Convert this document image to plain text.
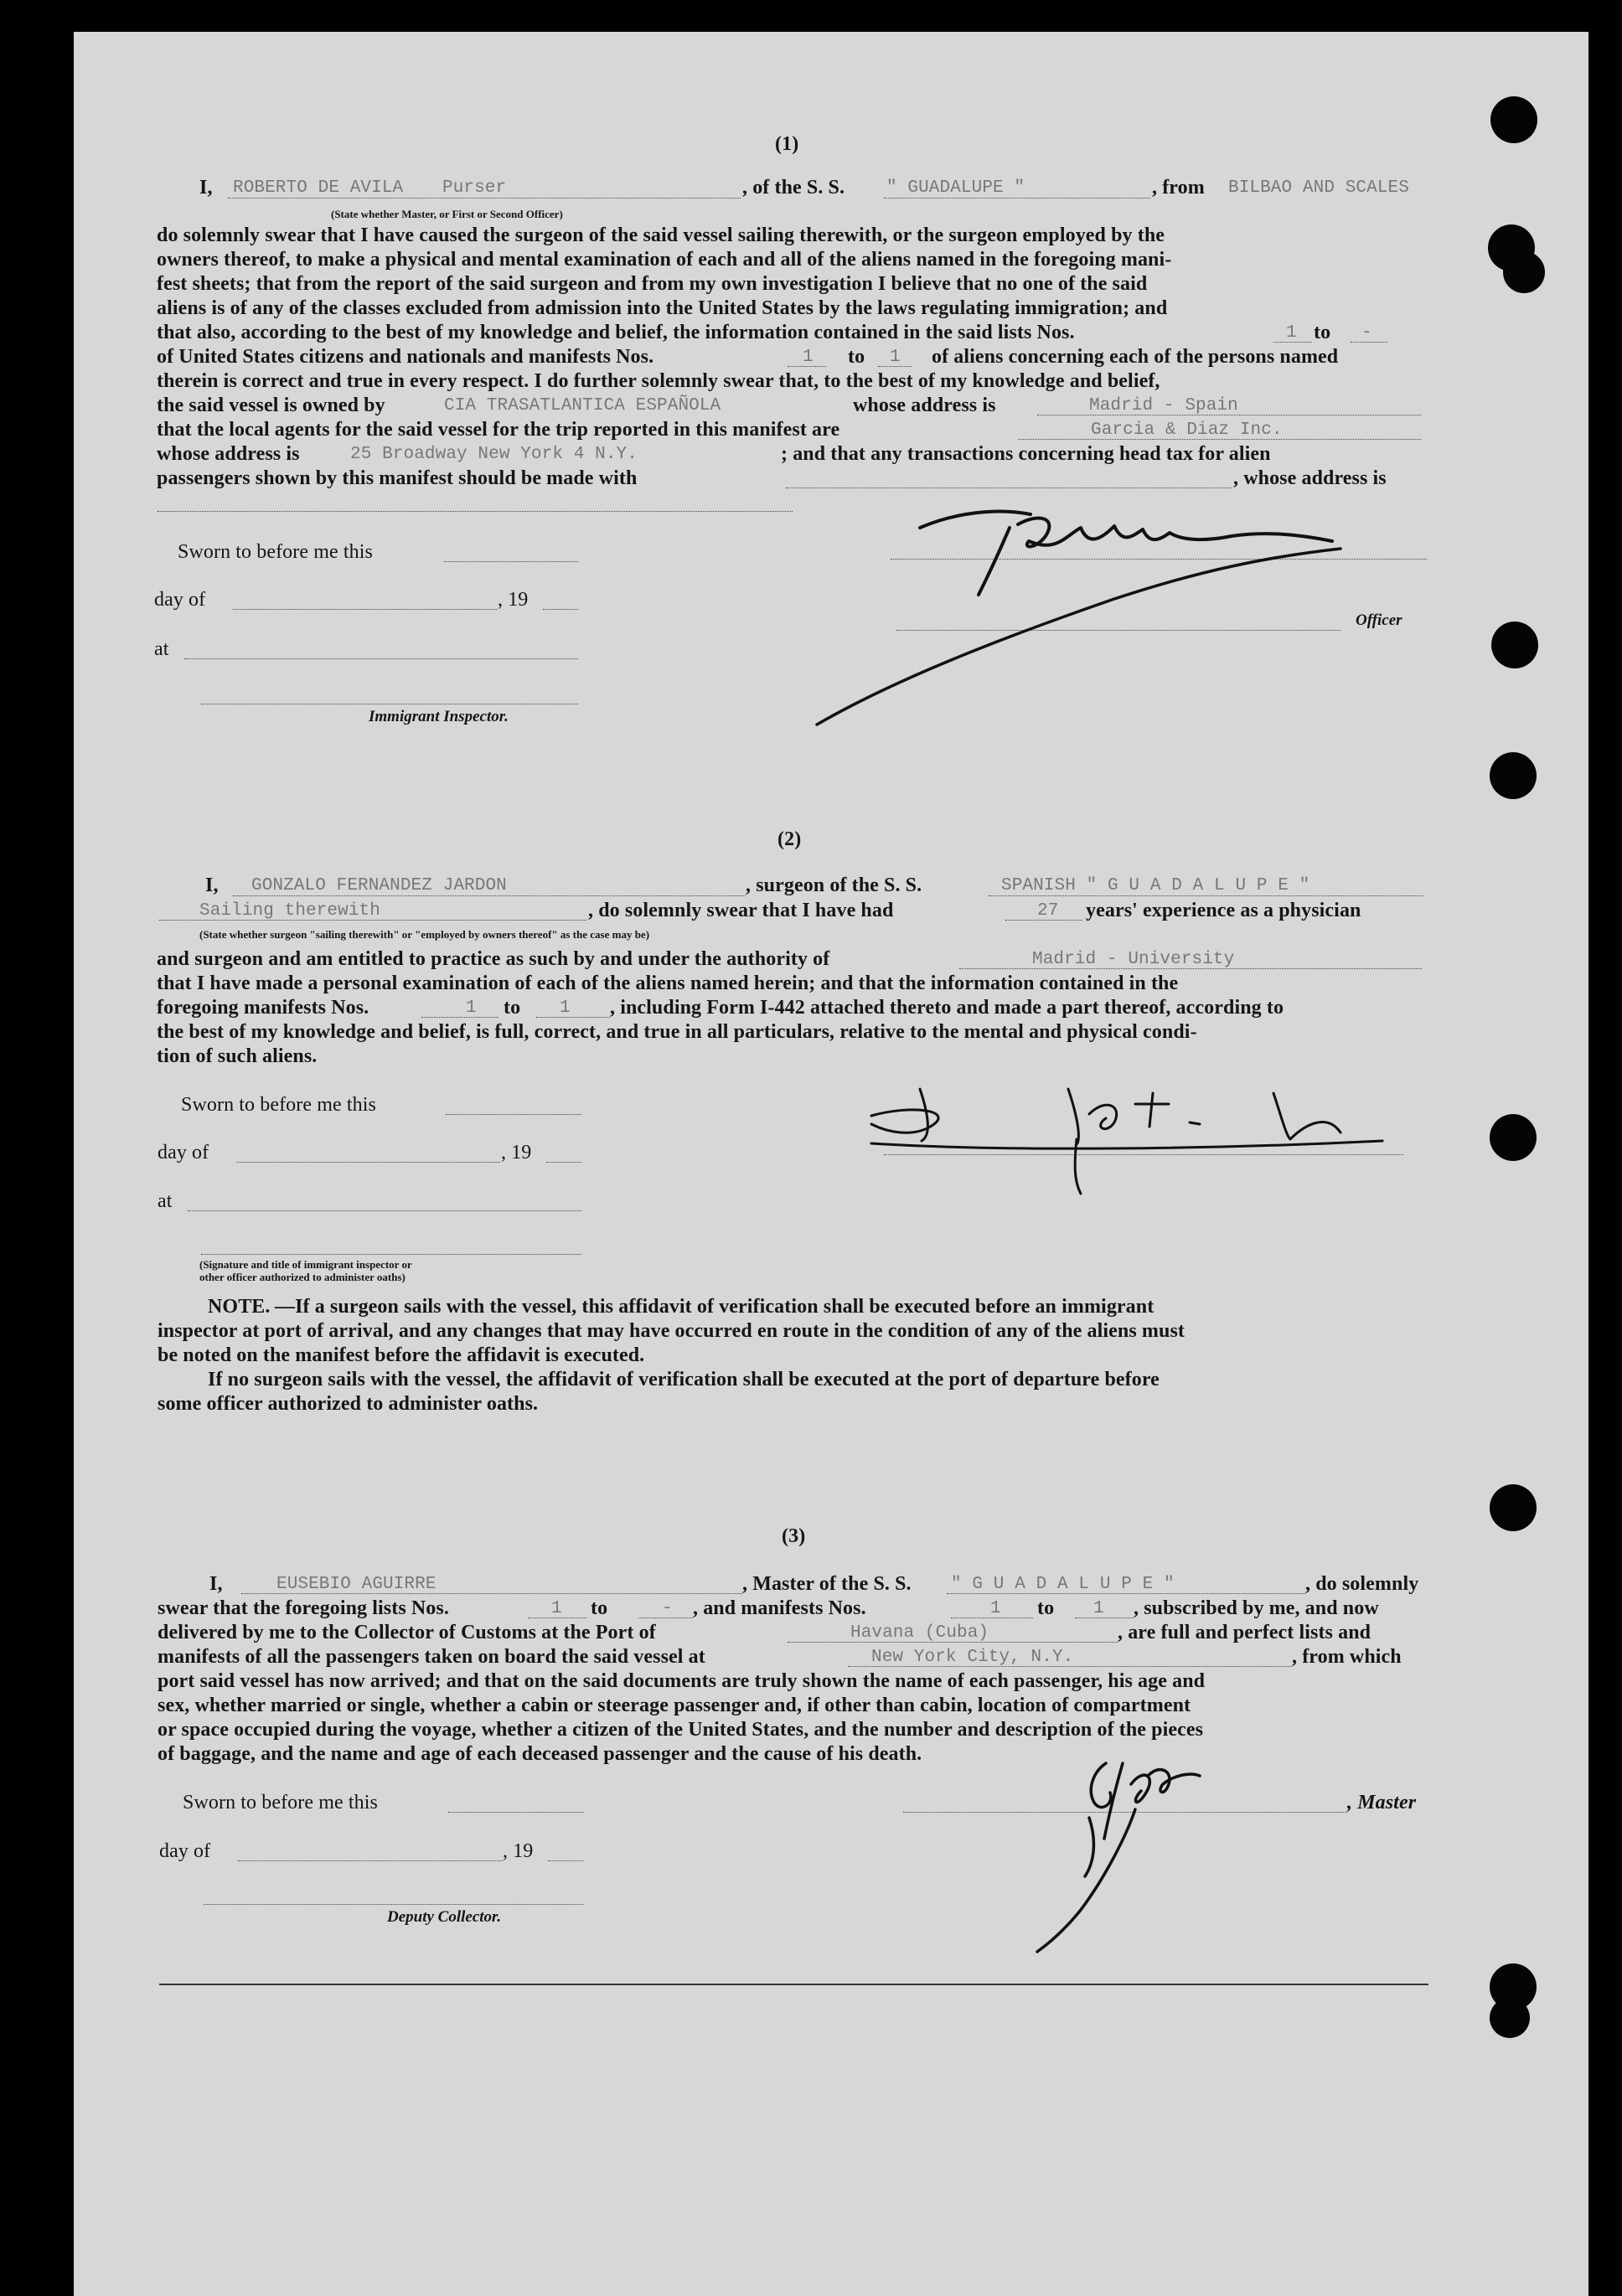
(1)
I, ROBERTO DE AVILA Purser	, of the S. S. " GUADALUPE "	, from BILBAO AND SCALES
(State whether Master, or First or Second Officer)
do solemnly swear that I have caused the surgeon of the said vessel sailing therewith, or the surgeon employed by the
owners thereof, to make a physical and mental examination of each and all of the aliens named in the foregoing mani-
fest sheets; that from the report of the said surgeon and from my own investigation I believe that no one of the said
aliens is of any of the classes excluded from admission into the United States by the laws regulating immigration; and
that also, according to the best of my knowledge and belief, the information contained in the said lists Nos.	1 to -
of United States citizens and nationals and manifests Nos.	1 to 1 of aliens concerning each of the persons named
therein is correct and true in every respect. I do further solemnly swear that, to the best of my knowledge and belief,
the said vessel is owned by	CIA TRASATLANTICA ESPAÑOLA	whose address is	Madrid - Spain
that the local agents for the said vessel for the trip reported in this manifest are	Garcia & Diaz Inc.
whose address is	25 Broadway New York 4 N.Y.	; and that any transactions concerning head tax for alien
passengers shown by this manifest should be made with	, whose address is
Sworn to before me this
day of	, 19
at
Immigrant Inspector.
Officer
(2)
I, GONZALO FERNANDEZ JARDON	, surgeon of the S. S.	SPANISH " G U A D A L U P E "
Sailing therewith	, do solemnly swear that I have had	27 years' experience as a physician
(State whether surgeon "sailing therewith" or "employed by owners thereof" as the case may be)
and surgeon and am entitled to practice as such by and under the authority of	Madrid - University
that I have made a personal examination of each of the aliens named herein; and that the information contained in the
foregoing manifests Nos.	1 to 1 , including Form I-442 attached thereto and made a part thereof, according to
the best of my knowledge and belief, is full, correct, and true in all particulars, relative to the mental and physical condi-
tion of such aliens.
Sworn to before me this
day of	, 19
at
(Signature and title of immigrant inspector or
other officer authorized to administer oaths)
NOTE. —If a surgeon sails with the vessel, this affidavit of verification shall be executed before an immigrant
inspector at port of arrival, and any changes that may have occurred en route in the condition of any of the aliens must
be noted on the manifest before the affidavit is executed.
If no surgeon sails with the vessel, the affidavit of verification shall be executed at the port of departure before
some officer authorized to administer oaths.
(3)
I,	EUSEBIO AGUIRRE	, Master of the S. S. " G U A D A L U P E "	, do solemnly
swear that the foregoing lists Nos.	1 to	- , and manifests Nos.	1 to 1 , subscribed by me, and now
delivered by me to the Collector of Customs at the Port of	Havana (Cuba)	, are full and perfect lists and
manifests of all the passengers taken on board the said vessel at	New York City, N.Y.	, from which
port said vessel has now arrived; and that on the said documents are truly shown the name of each passenger, his age and
sex, whether married or single, whether a cabin or steerage passenger and, if other than cabin, location of compartment
or space occupied during the voyage, whether a citizen of the United States, and the number and description of the pieces
of baggage, and the name and age of each deceased passenger and the cause of his death.
Sworn to before me this
day of	, 19
Deputy Collector.
, Master
